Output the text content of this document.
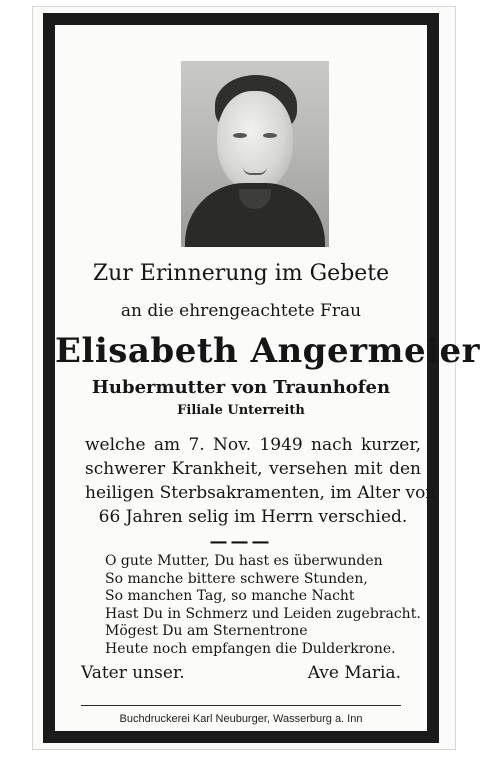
Zur Erinnerung im Gebete
an die ehrengeachtete Frau
Elisabeth Angermeier
Hubermutter von Traunhofen
Filiale Unterreith
welche am 7. Nov. 1949 nach kurzer,
schwerer Krankheit, versehen mit den
heiligen Sterbsakramenten, im Alter von
66 Jahren selig im Herrn verschied.
———
O gute Mutter, Du hast es überwunden
So manche bittere schwere Stunden,
So manchen Tag, so manche Nacht
Hast Du in Schmerz und Leiden zugebracht.
Mögest Du am Sternentrone
Heute noch empfangen die Dulderkrone.
Vater unser.	Ave Maria.
Buchdruckerei Karl Neuburger, Wasserburg a. Inn
